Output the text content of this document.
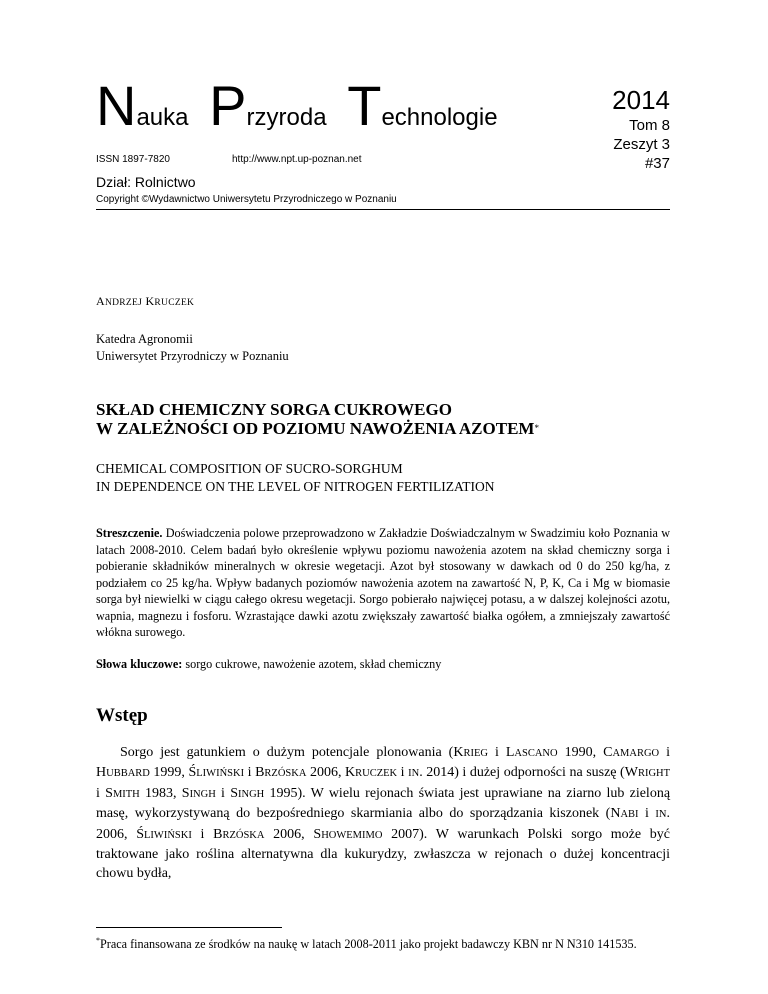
Nauka Przyroda Technologie
ISSN 1897-7820	http://www.npt.up-poznan.net
Dział: Rolnictwo
Copyright ©Wydawnictwo Uniwersytetu Przyrodniczego w Poznaniu
2014
Tom 8
Zeszyt 3
#37
ANDRZEJ KRUCZEK
Katedra Agronomii
Uniwersytet Przyrodniczy w Poznaniu
SKŁAD CHEMICZNY SORGA CUKROWEGO
W ZALEŻNOŚCI OD POZIOMU NAWOŻENIA AZOTEM*
CHEMICAL COMPOSITION OF SUCRO-SORGHUM
IN DEPENDENCE ON THE LEVEL OF NITROGEN FERTILIZATION
Streszczenie. Doświadczenia polowe przeprowadzono w Zakładzie Doświadczalnym w Swadzimiu koło Poznania w latach 2008-2010. Celem badań było określenie wpływu poziomu nawożenia azotem na skład chemiczny sorga i pobieranie składników mineralnych w okresie wegetacji. Azot był stosowany w dawkach od 0 do 250 kg/ha, z podziałem co 25 kg/ha. Wpływ badanych poziomów nawożenia azotem na zawartość N, P, K, Ca i Mg w biomasie sorga był niewielki w ciągu całego okresu wegetacji. Sorgo pobierało najwięcej potasu, a w dalszej kolejności azotu, wapnia, magnezu i fosforu. Wzrastające dawki azotu zwiększały zawartość białka ogółem, a zmniejszały zawartość włókna surowego.
Słowa kluczowe: sorgo cukrowe, nawożenie azotem, skład chemiczny
Wstęp

Sorgo jest gatunkiem o dużym potencjale plonowania (KRIEG i LASCANO 1990, CAMARGO i HUBBARD 1999, ŚLIWIŃSKI i BRZÓSKA 2006, KRUCZEK i IN. 2014) i dużej odporności na suszę (WRIGHT i SMITH 1983, SINGH i SINGH 1995). W wielu rejonach świata jest uprawiane na ziarno lub zieloną masę, wykorzystywaną do bezpośredniego skarmiania albo do sporządzania kiszonek (NABI i IN. 2006, ŚLIWIŃSKI i BRZÓSKA 2006, SHOWEMIMO 2007). W warunkach Polski sorgo może być traktowane jako roślina alternatywna dla kukurydzy, zwłaszcza w rejonach o dużej koncentracji chowu bydła,

*Praca finansowana ze środków na naukę w latach 2008-2011 jako projekt badawczy KBN nr N N310 141535.
